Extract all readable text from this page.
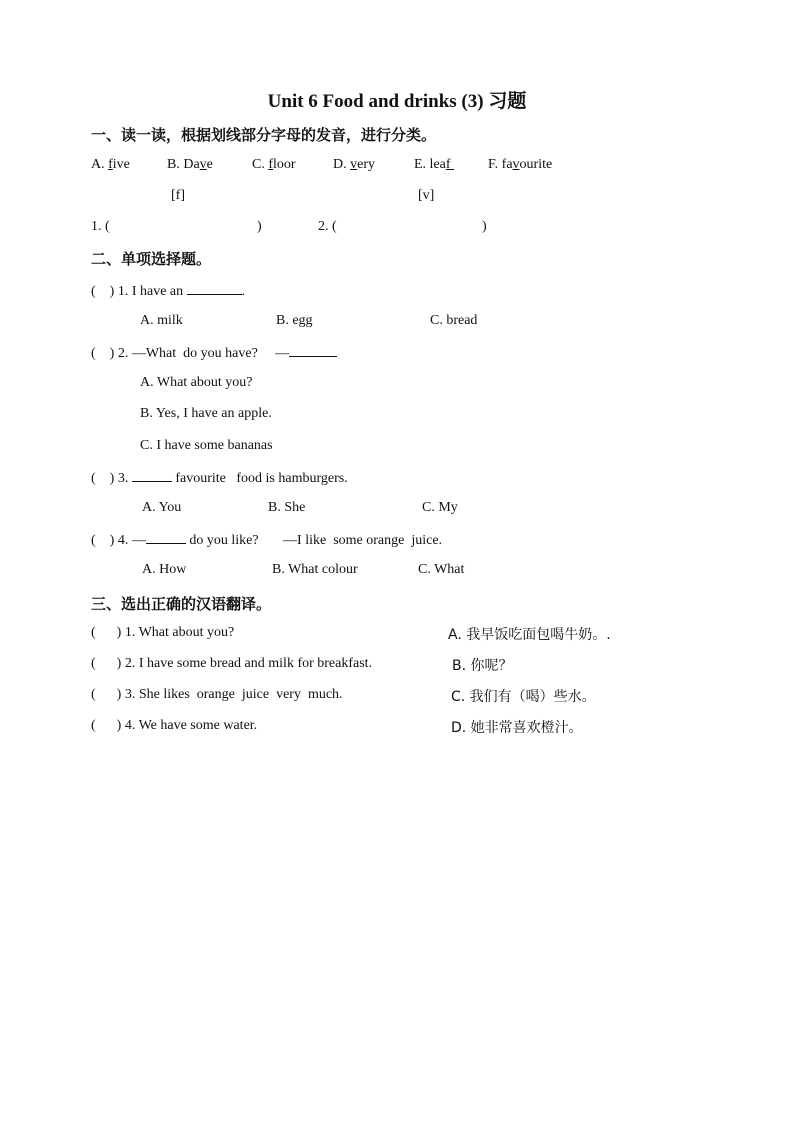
Unit 6 Food and drinks (3) 习题
一、读一读，根据划线部分字母的发音，进行分类。
A. five	B. Dave	C. floor	D. very	E. leaf F. favourite
[f]	[v]
1. (	)	2. (	)
二、单项选择题。
(    ) 1. I have an	.
A. milk	B. egg	C. bread
(    ) 2. —What  do you have?     —
A. What about you?
B. Yes, I have an apple.
C. I have some bananas
(    ) 3.	favourite   food is hamburgers.
A. You	B. She	C. My
(    ) 4. —	do you like?       —I like  some orange  juice.
A. How	B. What colour	C. What
三、选出正确的汉语翻译。
(      ) 1. What about you?	A. 我早饭吃面包喝牛奶。.
(      ) 2. I have some bread and milk for breakfast.	B. 你呢？
(      ) 3. She likes  orange  juice  very  much.	C. 我们有（喝）些水。
(      ) 4. We have some water.	D. 她非常喜欢橙汁。
